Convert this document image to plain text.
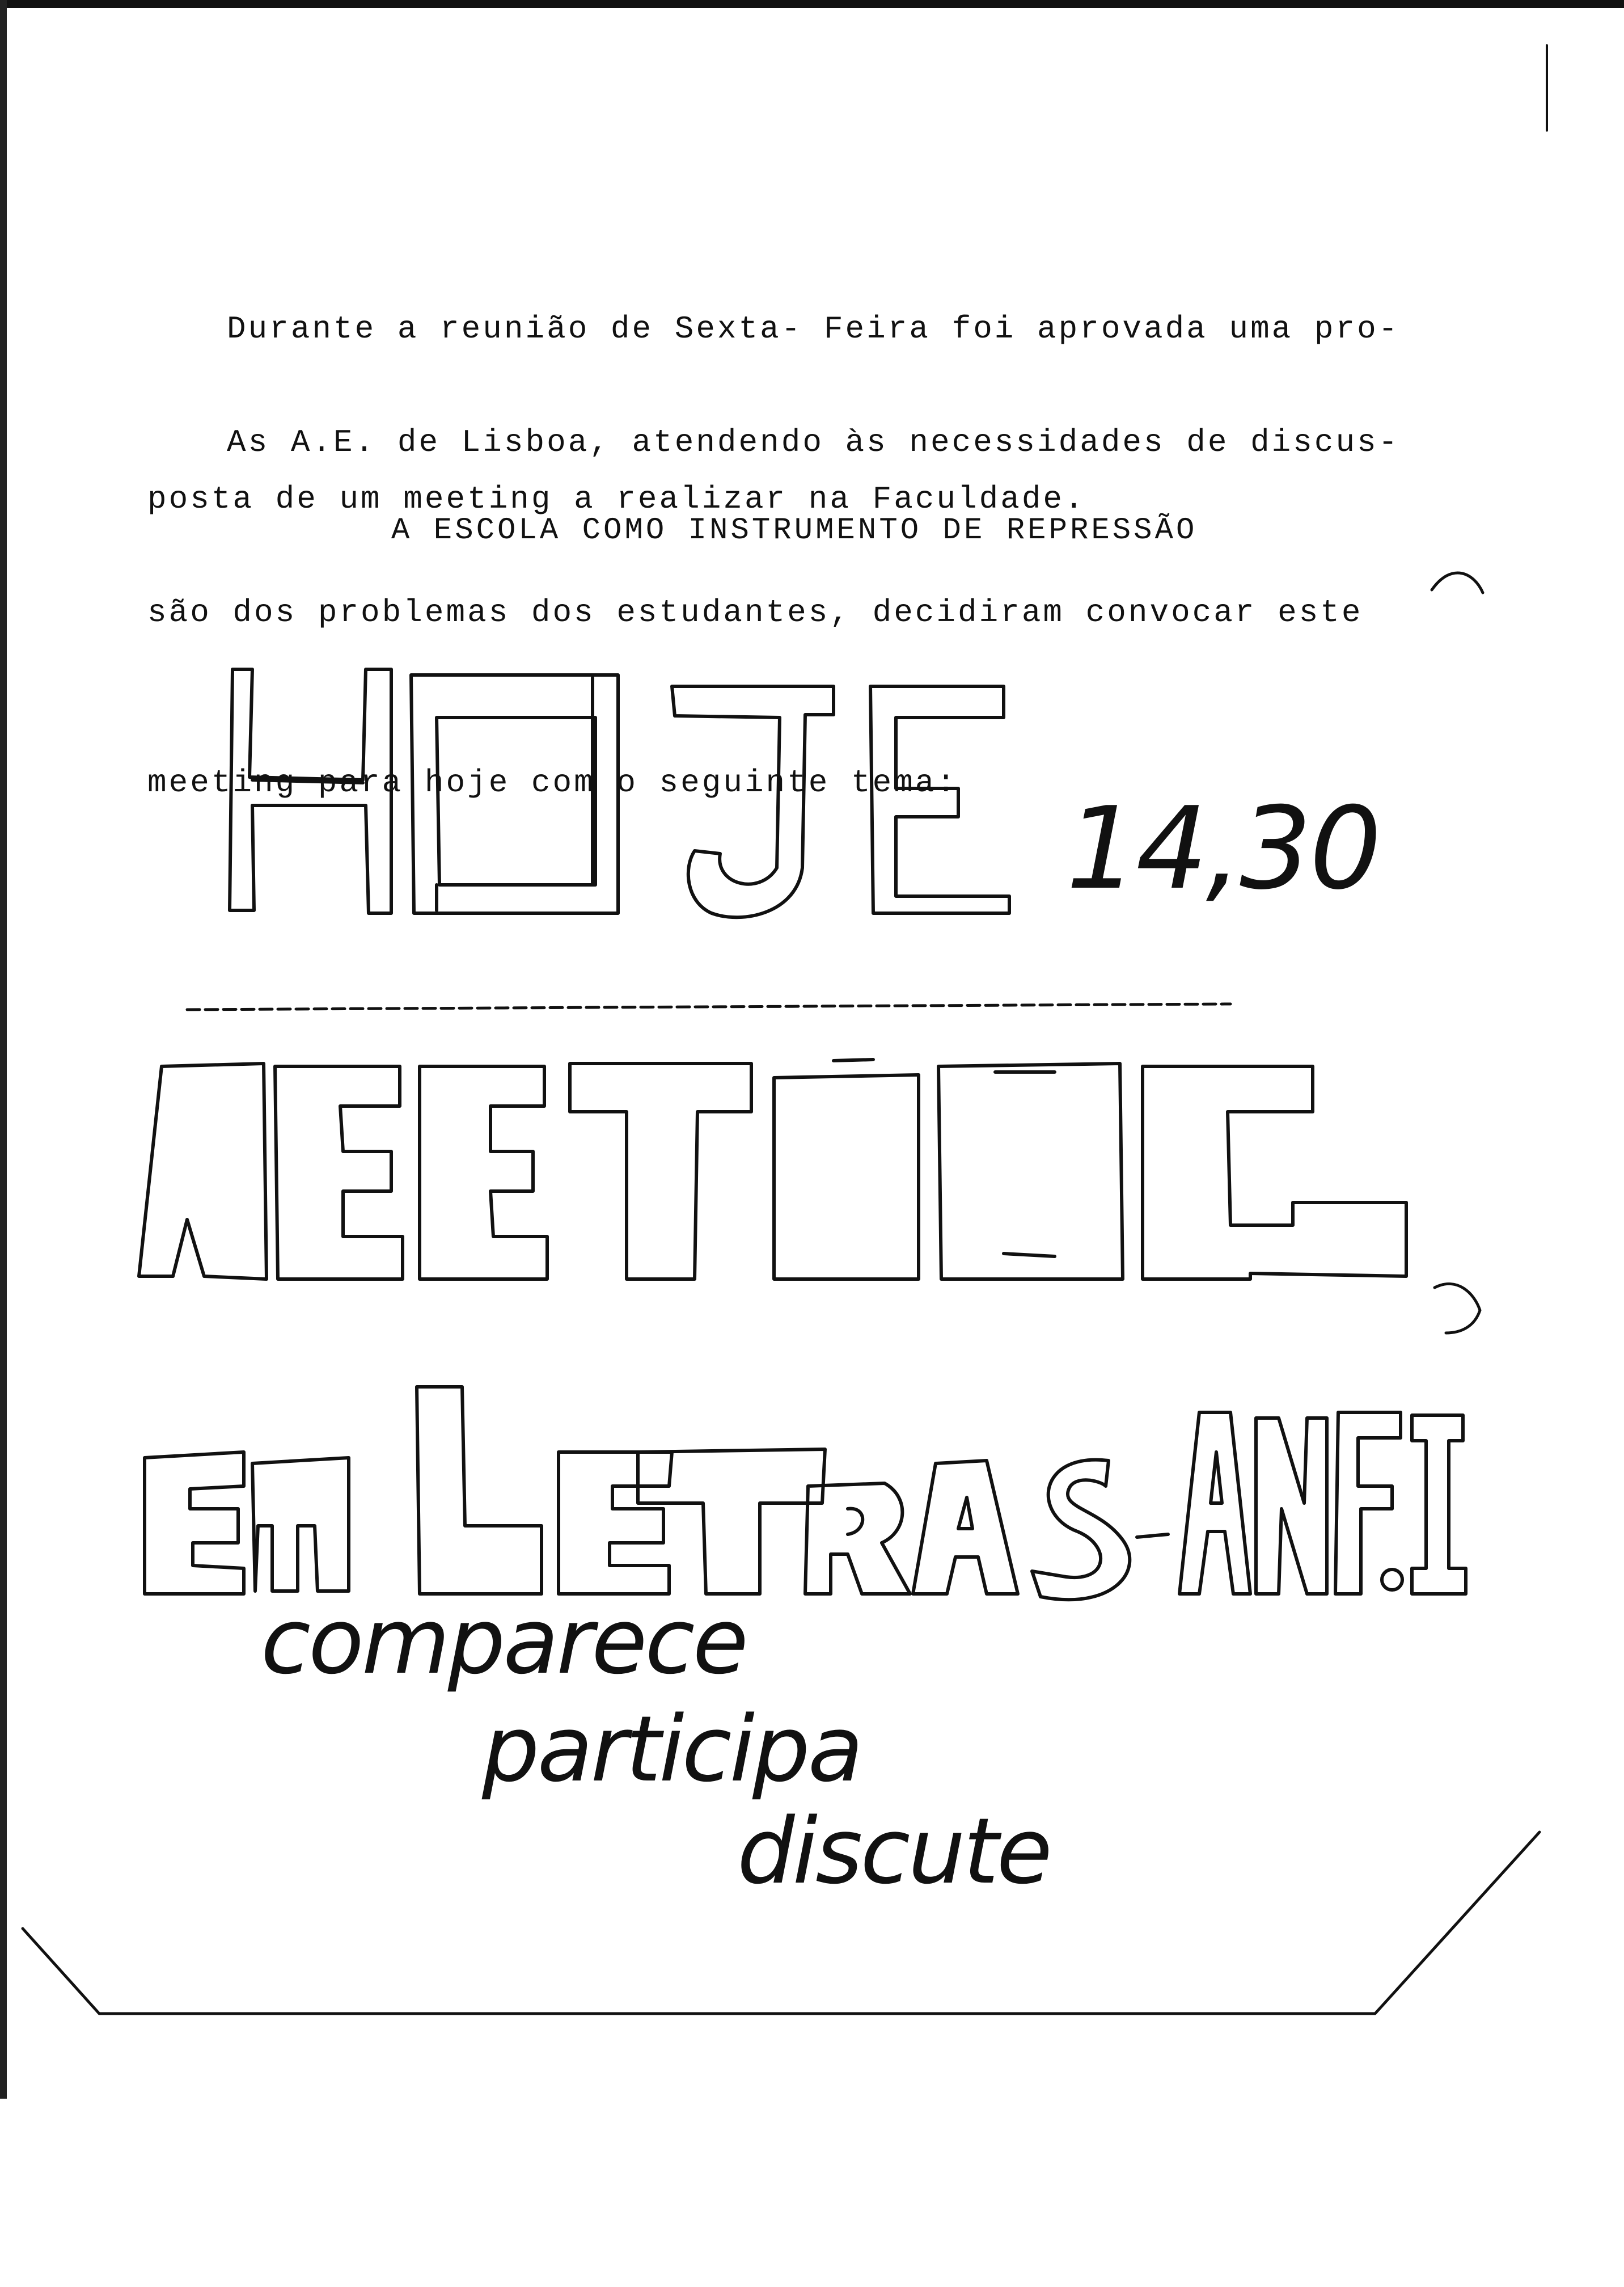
Durante a reunião de Sexta- Feira foi aprovada uma pro-

posta de um meeting a realizar na Faculdade.

As A.E. de Lisboa, atendendo às necessidades de discus-

são dos problemas dos estudantes, decidiram convocar este

meeting para hoje com o seguinte tema:

A ESCOLA COMO INSTRUMENTO DE REPRESSÃO
14,30
comparece
participa
discute
